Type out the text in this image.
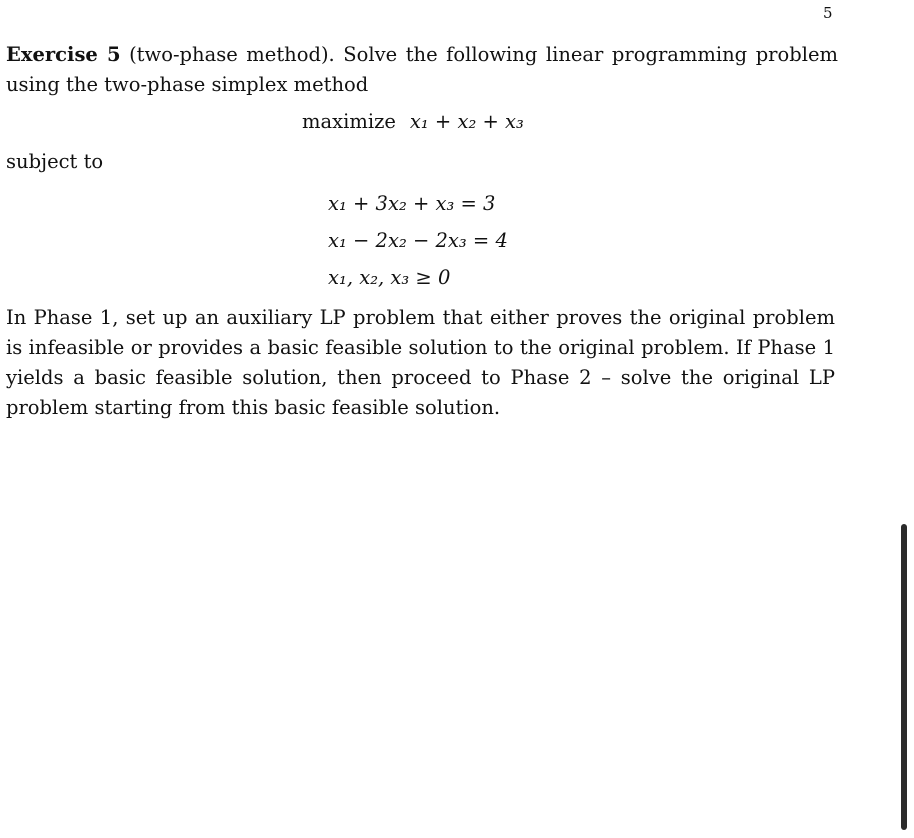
5
Exercise 5 (two-phase method). Solve the following linear programming problem using the two-phase simplex method
maximize x₁ + x₂ + x₃
subject to
x₁ + 3x₂ + x₃ = 3
x₁ − 2x₂ − 2x₃ = 4
x₁, x₂, x₃ ≥ 0
In Phase 1, set up an auxiliary LP problem that either proves the original problem is infeasible or provides a basic feasible solution to the original problem. If Phase 1 yields a basic feasible solution, then proceed to Phase 2 – solve the original LP problem starting from this basic feasible solution.
